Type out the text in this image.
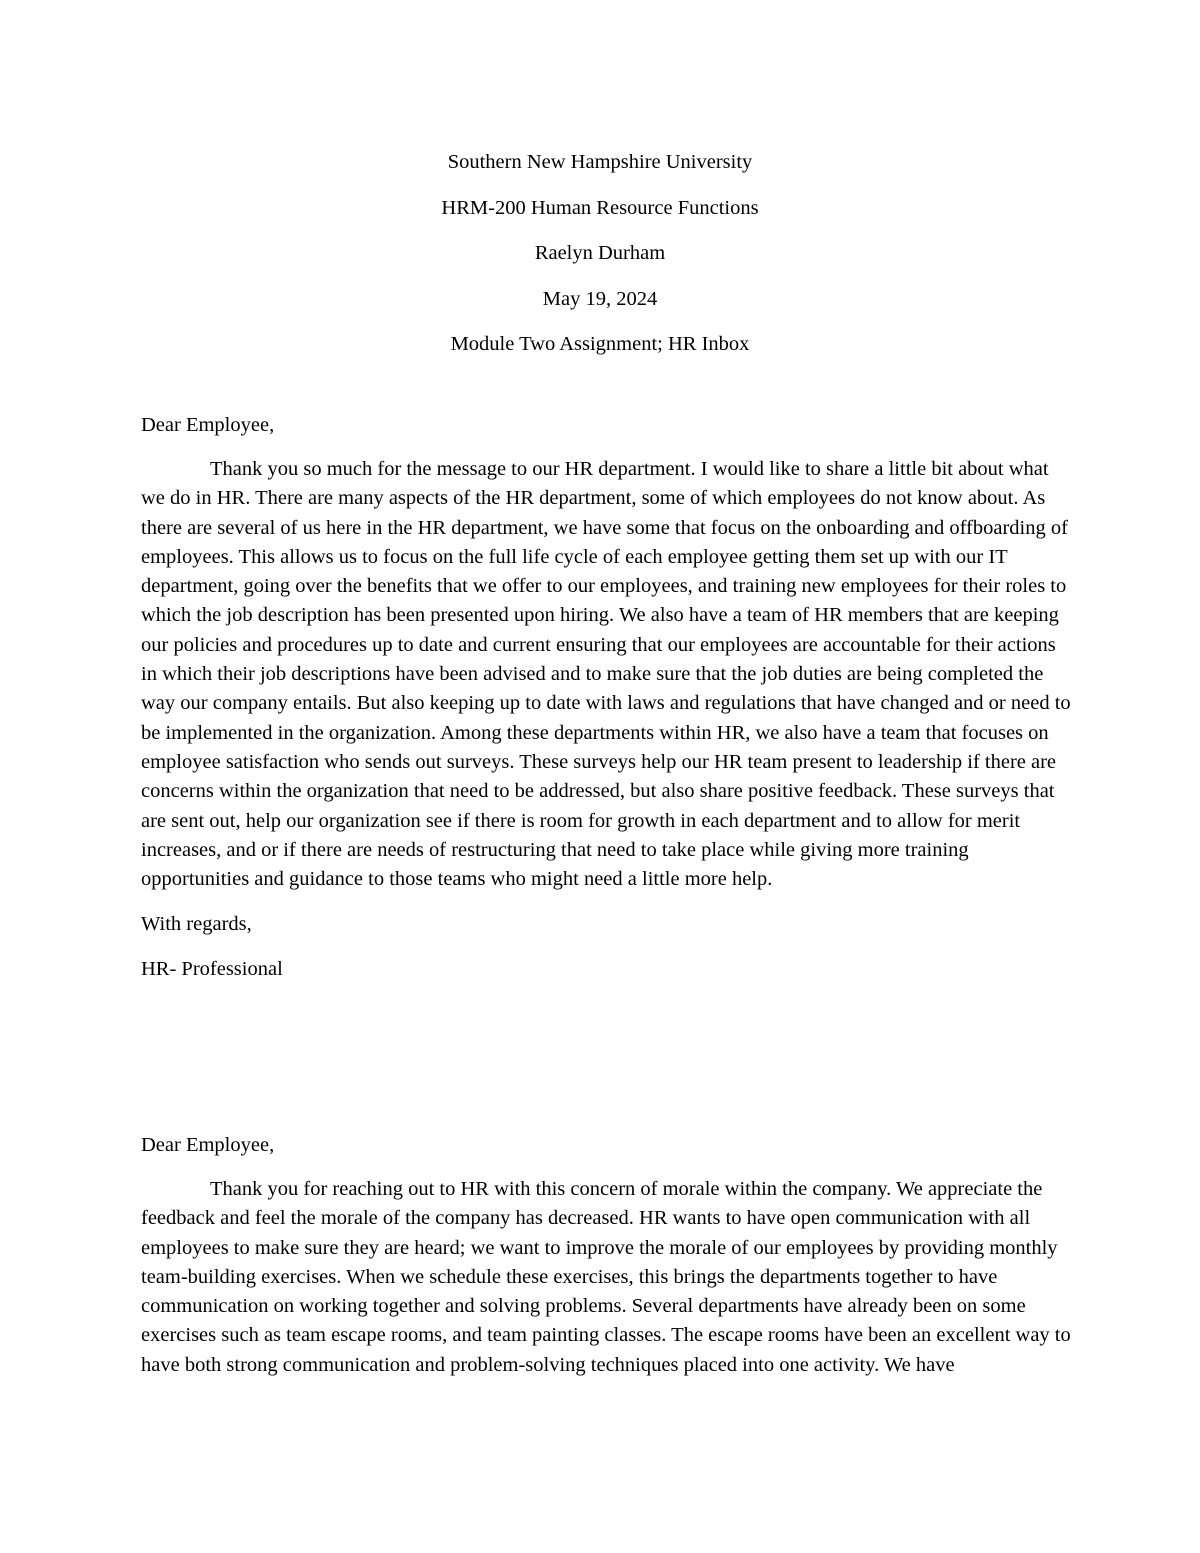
Southern New Hampshire University
HRM-200 Human Resource Functions
Raelyn Durham
May 19, 2024
Module Two Assignment; HR Inbox

Dear Employee,

Thank you so much for the message to our HR department. I would like to share a little bit about what we do in HR. There are many aspects of the HR department, some of which employees do not know about. As there are several of us here in the HR department, we have some that focus on the onboarding and offboarding of employees. This allows us to focus on the full life cycle of each employee getting them set up with our IT department, going over the benefits that we offer to our employees, and training new employees for their roles to which the job description has been presented upon hiring. We also have a team of HR members that are keeping our policies and procedures up to date and current ensuring that our employees are accountable for their actions in which their job descriptions have been advised and to make sure that the job duties are being completed the way our company entails. But also keeping up to date with laws and regulations that have changed and or need to be implemented in the organization. Among these departments within HR, we also have a team that focuses on employee satisfaction who sends out surveys. These surveys help our HR team present to leadership if there are concerns within the organization that need to be addressed, but also share positive feedback. These surveys that are sent out, help our organization see if there is room for growth in each department and to allow for merit increases, and or if there are needs of restructuring that need to take place while giving more training opportunities and guidance to those teams who might need a little more help.

With regards,

HR- Professional

Dear Employee,

Thank you for reaching out to HR with this concern of morale within the company. We appreciate the feedback and feel the morale of the company has decreased. HR wants to have open communication with all employees to make sure they are heard; we want to improve the morale of our employees by providing monthly team-building exercises. When we schedule these exercises, this brings the departments together to have communication on working together and solving problems. Several departments have already been on some exercises such as team escape rooms, and team painting classes. The escape rooms have been an excellent way to have both strong communication and problem-solving techniques placed into one activity. We have
